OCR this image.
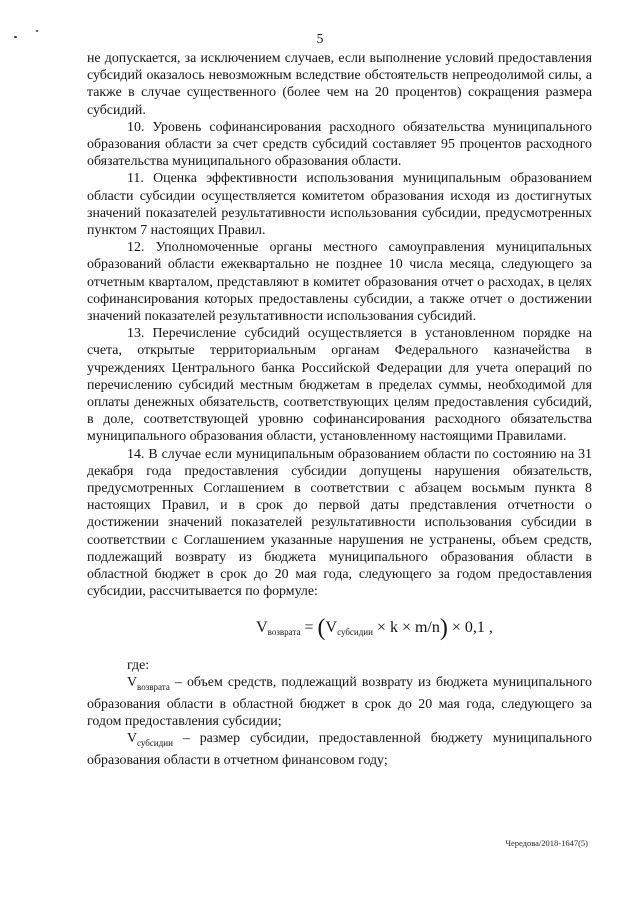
5

не допускается, за исключением случаев, если выполнение условий предоставления субсидий оказалось невозможным вследствие обстоятельств непреодолимой силы, а также в случае существенного (более чем на 20 процентов) сокращения размера субсидий.

10. Уровень софинансирования расходного обязательства муниципального образования области за счет средств субсидий составляет 95 процентов расходного обязательства муниципального образования области.

11. Оценка эффективности использования муниципальным образованием области субсидии осуществляется комитетом образования исходя из достигнутых значений показателей результативности использования субсидии, предусмотренных пунктом 7 настоящих Правил.

12. Уполномоченные органы местного самоуправления муниципальных образований области ежеквартально не позднее 10 числа месяца, следующего за отчетным кварталом, представляют в комитет образования отчет о расходах, в целях софинансирования которых предоставлены субсидии, а также отчет о достижении значений показателей результативности использования субсидий.

13. Перечисление субсидий осуществляется в установленном порядке на счета, открытые территориальным органам Федерального казначейства в учреждениях Центрального банка Российской Федерации для учета операций по перечислению субсидий местным бюджетам в пределах суммы, необходимой для оплаты денежных обязательств, соответствующих целям предоставления субсидий, в доле, соответствующей уровню софинансирования расходного обязательства муниципального образования области, установленному настоящими Правилами.

14. В случае если муниципальным образованием области по состоянию на 31 декабря года предоставления субсидии допущены нарушения обязательств, предусмотренных Соглашением в соответствии с абзацем восьмым пункта 8 настоящих Правил, и в срок до первой даты представления отчетности о достижении значений показателей результативности использования субсидии в соответствии с Соглашением указанные нарушения не устранены, объем средств, подлежащий возврату из бюджета муниципального образования области в областной бюджет в срок до 20 мая года, следующего за годом предоставления субсидии, рассчитывается по формуле:

$V_{возврата} = (V_{субсидии} \times k \times m/n) \times 0,1$ ,

где:

$V_{возврата}$ – объем средств, подлежащий возврату из бюджета муниципального образования области в областной бюджет в срок до 20 мая года, следующего за годом предоставления субсидии;

$V_{субсидии}$ – размер субсидии, предоставленной бюджету муниципального образования области в отчетном финансовом году;

Чередова/2018-1647(5)
